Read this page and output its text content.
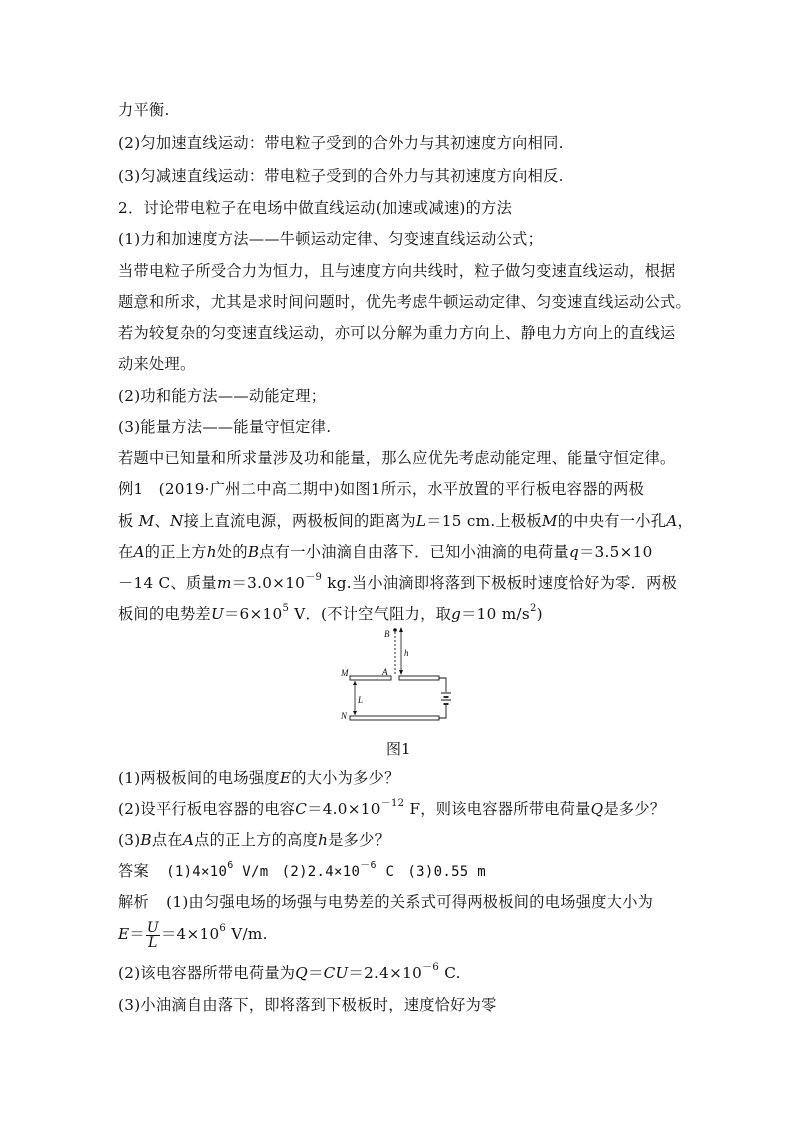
力平衡.
(2)匀加速直线运动：带电粒子受到的合外力与其初速度方向相同.
(3)匀减速直线运动：带电粒子受到的合外力与其初速度方向相反.
2．讨论带电粒子在电场中做直线运动(加速或减速)的方法
(1)力和加速度方法——牛顿运动定律、匀变速直线运动公式；
当带电粒子所受合力为恒力，且与速度方向共线时，粒子做匀变速直线运动，根据
题意和所求，尤其是求时间问题时，优先考虑牛顿运动定律、匀变速直线运动公式。
若为较复杂的匀变速直线运动，亦可以分解为重力方向上、静电力方向上的直线运
动来处理。
(2)功和能方法——动能定理；
(3)能量方法——能量守恒定律.
若题中已知量和所求量涉及功和能量，那么应优先考虑动能定理、能量守恒定律。
例1 (2019·广州二中高二期中)如图1所示，水平放置的平行板电容器的两极
板 M、N接上直流电源，两极板间的距离为L＝15 cm.上极板M的中央有一小孔A，
在A的正上方h处的B点有一小油滴自由落下．已知小油滴的电荷量q＝3.5×10
－14 C、质量$m=3.0\times 10^{-9}$ kg.当小油滴即将落到下极板时速度恰好为零．两极
板间的电势差$U=6\times 10^5$ V．(不计空气阻力，取g＝10 $m/s^2$)
B
h
M	A
L
N
图1
(1)两极板间的电场强度E的大小为多少？
(2)设平行板电容器的电容$C=4.0\times 10^{-12}$ F，则该电容器所带电荷量Q是多少？
(3)B点在A点的正上方的高度h是多少？
答案 $(1)4\times 10^6$ V/m $(2)2.4\times 10^{-6}$ C (3)0.55 m
解析 (1)由匀强电场的场强与电势差的关系式可得两极板间的电场强度大小为
$E= \frac{U}{L} =4\times 10^6$ V/m.
(2)该电容器所带电荷量为$Q=CU=2.4\times 10^{-6}$ C.
(3)小油滴自由落下，即将落到下极板时，速度恰好为零
